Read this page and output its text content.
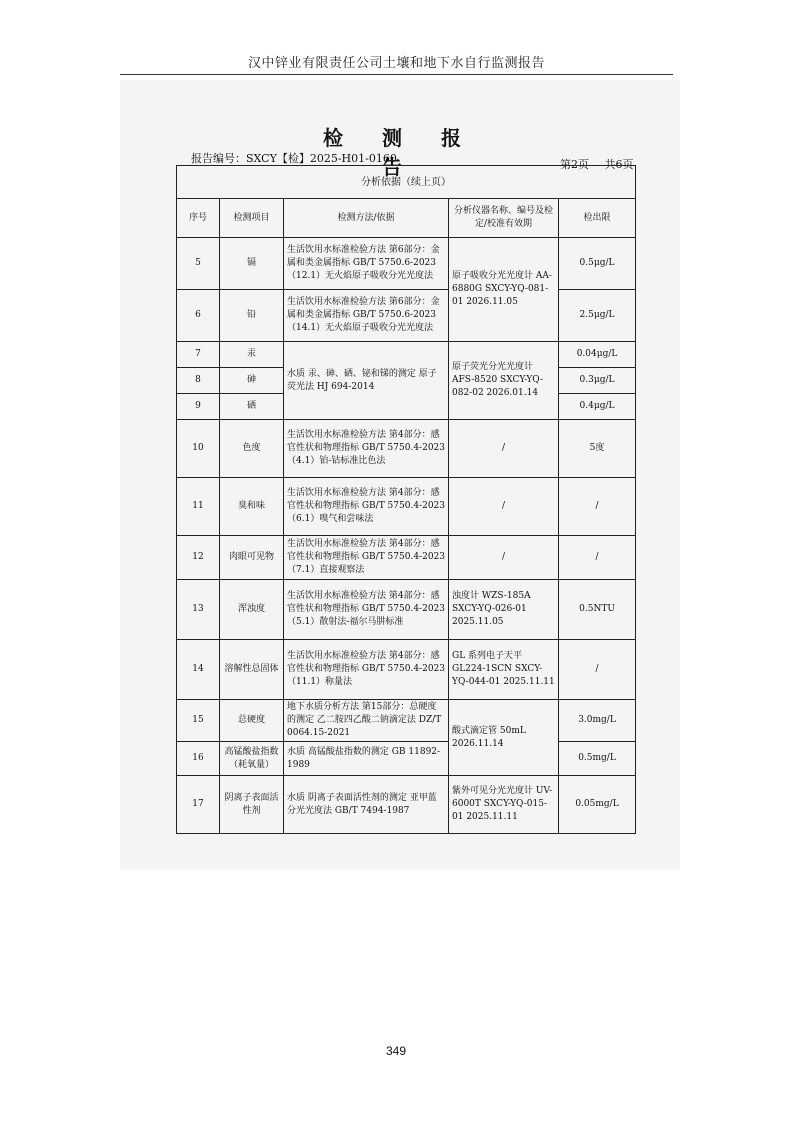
汉中锌业有限责任公司土壤和地下水自行监测报告
检 测 报 告
报告编号：SXCY【检】2025-H01-0160	第2页 共6页
分析依据（续上页）				
序号	检测项目	检测方法/依据	分析仪器名称、编号及检定/校准有效期	检出限
5	镉	生活饮用水标准检验方法 第6部分：金属和类金属指标 GB/T 5750.6-2023（12.1）无火焰原子吸收分光光度法	原子吸收分光光度计 AA-6880G SXCY-YQ-081-01 2026.11.05	0.5μg/L
6	铅	生活饮用水标准检验方法 第6部分：金属和类金属指标 GB/T 5750.6-2023（14.1）无火焰原子吸收分光光度法		2.5μg/L
7	汞	水质 汞、砷、硒、铋和锑的测定 原子荧光法 HJ 694-2014	原子荧光分光光度计 AFS-8520 SXCY-YQ-082-02 2026.01.14	0.04μg/L
8	砷			0.3μg/L
9	硒			0.4μg/L
10	色度	生活饮用水标准检验方法 第4部分：感官性状和物理指标 GB/T 5750.4-2023（4.1）铂-钴标准比色法	/	5度
11	臭和味	生活饮用水标准检验方法 第4部分：感官性状和物理指标 GB/T 5750.4-2023（6.1）嗅气和尝味法	/	/
12	肉眼可见物	生活饮用水标准检验方法 第4部分：感官性状和物理指标 GB/T 5750.4-2023（7.1）直接观察法	/	/
13	浑浊度	生活饮用水标准检验方法 第4部分：感官性状和物理指标 GB/T 5750.4-2023（5.1）散射法-福尔马肼标准	浊度计 WZS-185A SXCY-YQ-026-01 2025.11.05	0.5NTU
14	溶解性总固体	生活饮用水标准检验方法 第4部分：感官性状和物理指标 GB/T 5750.4-2023（11.1）称量法	GL 系列电子天平 GL224-1SCN SXCY-YQ-044-01 2025.11.11	/
15	总硬度	地下水质分析方法 第15部分：总硬度的测定 乙二胺四乙酸二钠滴定法 DZ/T 0064.15-2021	酸式滴定管 50mL 2026.11.14	3.0mg/L
16	高锰酸盐指数（耗氧量）	水质 高锰酸盐指数的测定 GB 11892-1989		0.5mg/L
17	阴离子表面活性剂	水质 阴离子表面活性剂的测定 亚甲蓝分光光度法 GB/T 7494-1987	紫外可见分光光度计 UV-6000T SXCY-YQ-015-01 2025.11.11	0.05mg/L
349
